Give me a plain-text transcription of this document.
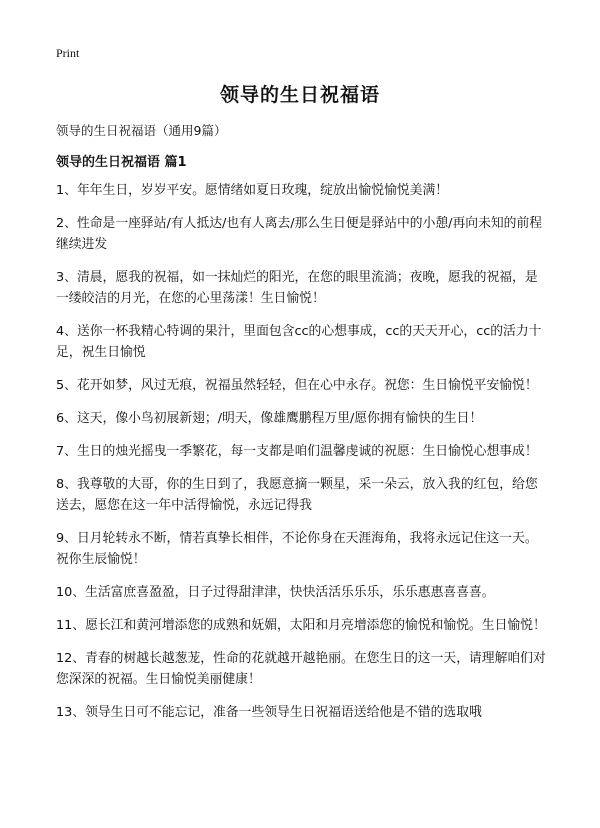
Print
领导的生日祝福语

领导的生日祝福语（通用9篇）

领导的生日祝福语 篇1
1、年年生日，岁岁平安。愿情绪如夏日玫瑰，绽放出愉悦愉悦美满！
2、性命是一座驿站/有人抵达/也有人离去/那么生日便是驿站中的小憩/再向未知的前程继续进发
3、清晨，愿我的祝福，如一抹灿烂的阳光，在您的眼里流淌；夜晚，愿我的祝福，是一缕皎洁的月光，在您的心里荡漾！生日愉悦！
4、送你一杯我精心特调的果汁，里面包含cc的心想事成，cc的天天开心，cc的活力十足，祝生日愉悦
5、花开如梦，风过无痕，祝福虽然轻轻，但在心中永存。祝您：生日愉悦平安愉悦！
6、这天，像小鸟初展新翅；/明天，像雄鹰鹏程万里/愿你拥有愉快的生日！
7、生日的烛光摇曳一季繁花，每一支都是咱们温馨虔诚的祝愿：生日愉悦心想事成！
8、我尊敬的大哥，你的生日到了，我愿意摘一颗星，采一朵云，放入我的红包，给您送去，愿您在这一年中活得愉悦，永远记得我
9、日月轮转永不断，情若真挚长相伴，不论你身在天涯海角，我将永远记住这一天。祝你生辰愉悦！
10、生活富庶喜盈盈，日子过得甜津津，快快活活乐乐乐，乐乐惠惠喜喜喜。
11、愿长江和黄河增添您的成熟和妩媚，太阳和月亮增添您的愉悦和愉悦。生日愉悦！
12、青春的树越长越葱茏，性命的花就越开越艳丽。在您生日的这一天，请理解咱们对您深深的祝福。生日愉悦美丽健康！
13、领导生日可不能忘记，准备一些领导生日祝福语送给他是不错的选取哦
